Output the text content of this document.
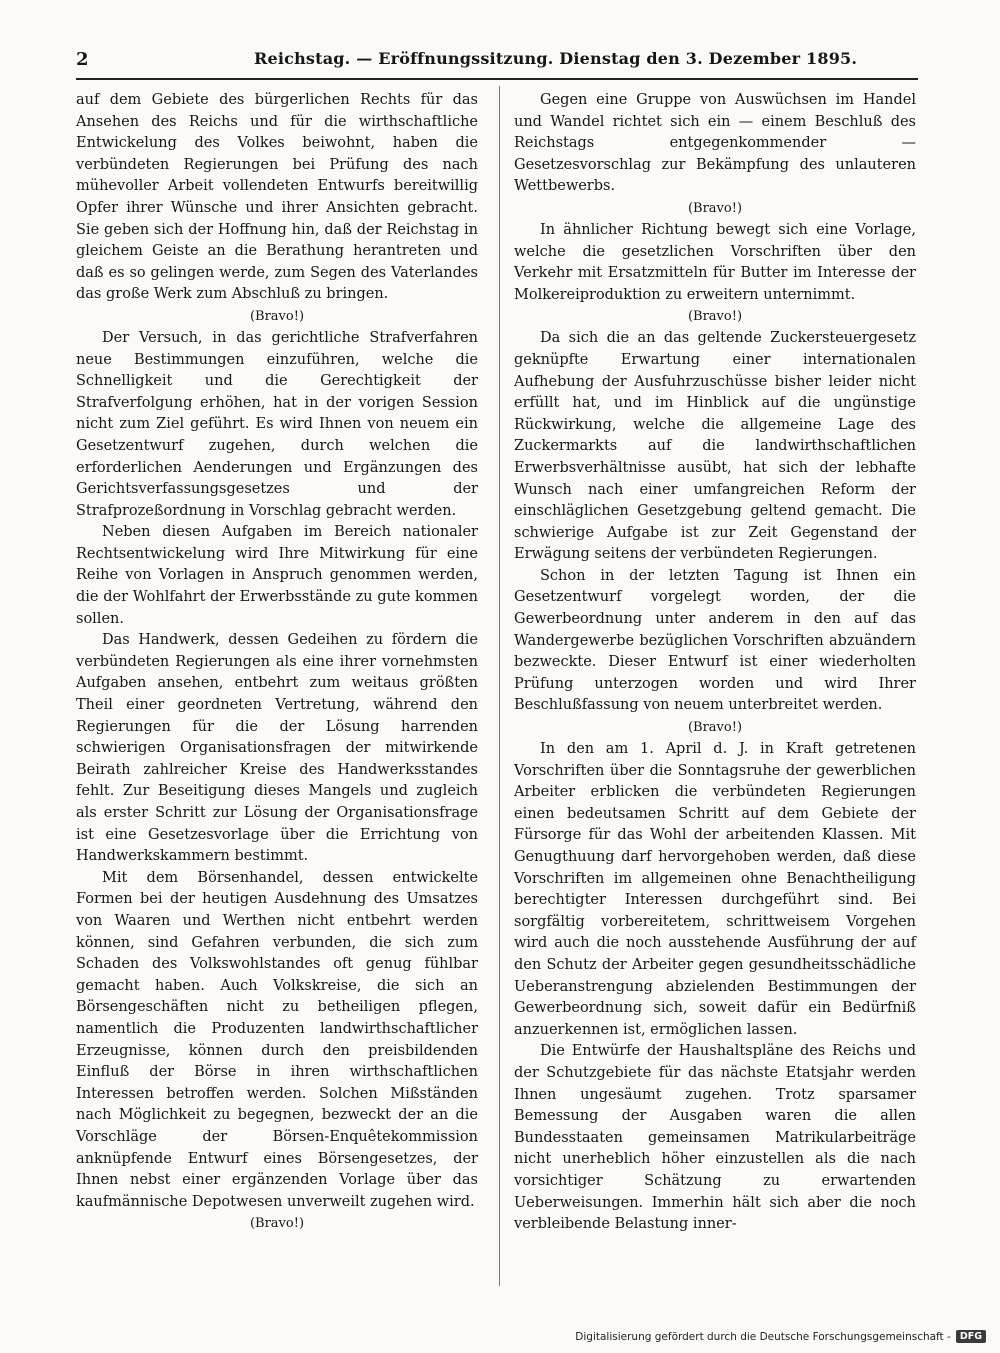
2	Reichstag. — Eröffnungssitzung. Dienstag den 3. Dezember 1895.

auf dem Gebiete des bürgerlichen Rechts für das Ansehen des Reichs und für die wirthschaftliche Entwickelung des Volkes beiwohnt, haben die verbündeten Regierungen bei Prüfung des nach mühevoller Arbeit vollendeten Entwurfs bereitwillig Opfer ihrer Wünsche und ihrer Ansichten gebracht. Sie geben sich der Hoffnung hin, daß der Reichstag in gleichem Geiste an die Berathung herantreten und daß es so gelingen werde, zum Segen des Vaterlandes das große Werk zum Abschluß zu bringen.

(Bravo!)

Der Versuch, in das gerichtliche Strafverfahren neue Bestimmungen einzuführen, welche die Schnelligkeit und die Gerechtigkeit der Strafverfolgung erhöhen, hat in der vorigen Session nicht zum Ziel geführt. Es wird Ihnen von neuem ein Gesetzentwurf zugehen, durch welchen die erforderlichen Aenderungen und Ergänzungen des Gerichtsverfassungsgesetzes und der Strafprozeßordnung in Vorschlag gebracht werden.

Neben diesen Aufgaben im Bereich nationaler Rechtsentwickelung wird Ihre Mitwirkung für eine Reihe von Vorlagen in Anspruch genommen werden, die der Wohlfahrt der Erwerbsstände zu gute kommen sollen.

Das Handwerk, dessen Gedeihen zu fördern die verbündeten Regierungen als eine ihrer vornehmsten Aufgaben ansehen, entbehrt zum weitaus größten Theil einer geordneten Vertretung, während den Regierungen für die der Lösung harrenden schwierigen Organisationsfragen der mitwirkende Beirath zahlreicher Kreise des Handwerksstandes fehlt. Zur Beseitigung dieses Mangels und zugleich als erster Schritt zur Lösung der Organisationsfrage ist eine Gesetzesvorlage über die Errichtung von Handwerkskammern bestimmt.

Mit dem Börsenhandel, dessen entwickelte Formen bei der heutigen Ausdehnung des Umsatzes von Waaren und Werthen nicht entbehrt werden können, sind Gefahren verbunden, die sich zum Schaden des Volkswohlstandes oft genug fühlbar gemacht haben. Auch Volkskreise, die sich an Börsengeschäften nicht zu betheiligen pflegen, namentlich die Produzenten landwirthschaftlicher Erzeugnisse, können durch den preisbildenden Einfluß der Börse in ihren wirthschaftlichen Interessen betroffen werden. Solchen Mißständen nach Möglichkeit zu begegnen, bezweckt der an die Vorschläge der Börsen-Enquêtekommission anknüpfende Entwurf eines Börsengesetzes, der Ihnen nebst einer ergänzenden Vorlage über das kaufmännische Depotwesen unverweilt zugehen wird.

(Bravo!)

Gegen eine Gruppe von Auswüchsen im Handel und Wandel richtet sich ein — einem Beschluß des Reichstags entgegenkommender — Gesetzesvorschlag zur Bekämpfung des unlauteren Wettbewerbs.

(Bravo!)

In ähnlicher Richtung bewegt sich eine Vorlage, welche die gesetzlichen Vorschriften über den Verkehr mit Ersatzmitteln für Butter im Interesse der Molkereiproduktion zu erweitern unternimmt.

(Bravo!)

Da sich die an das geltende Zuckersteuergesetz geknüpfte Erwartung einer internationalen Aufhebung der Ausfuhrzuschüsse bisher leider nicht erfüllt hat, und im Hinblick auf die ungünstige Rückwirkung, welche die allgemeine Lage des Zuckermarkts auf die landwirthschaftlichen Erwerbsverhältnisse ausübt, hat sich der lebhafte Wunsch nach einer umfangreichen Reform der einschläglichen Gesetzgebung geltend gemacht. Die schwierige Aufgabe ist zur Zeit Gegenstand der Erwägung seitens der verbündeten Regierungen.

Schon in der letzten Tagung ist Ihnen ein Gesetzentwurf vorgelegt worden, der die Gewerbeordnung unter anderem in den auf das Wandergewerbe bezüglichen Vorschriften abzuändern bezweckte. Dieser Entwurf ist einer wiederholten Prüfung unterzogen worden und wird Ihrer Beschlußfassung von neuem unterbreitet werden.

(Bravo!)

In den am 1. April d. J. in Kraft getretenen Vorschriften über die Sonntagsruhe der gewerblichen Arbeiter erblicken die verbündeten Regierungen einen bedeutsamen Schritt auf dem Gebiete der Fürsorge für das Wohl der arbeitenden Klassen. Mit Genugthuung darf hervorgehoben werden, daß diese Vorschriften im allgemeinen ohne Benachtheiligung berechtigter Interessen durchgeführt sind. Bei sorgfältig vorbereitetem, schrittweisem Vorgehen wird auch die noch ausstehende Ausführung der auf den Schutz der Arbeiter gegen gesundheitsschädliche Ueberanstrengung abzielenden Bestimmungen der Gewerbeordnung sich, soweit dafür ein Bedürfniß anzuerkennen ist, ermöglichen lassen.

Die Entwürfe der Haushaltspläne des Reichs und der Schutzgebiete für das nächste Etatsjahr werden Ihnen ungesäumt zugehen. Trotz sparsamer Bemessung der Ausgaben waren die allen Bundesstaaten gemeinsamen Matrikularbeiträge nicht unerheblich höher einzustellen als die nach vorsichtiger Schätzung zu erwartenden Ueberweisungen. Immerhin hält sich aber die noch verbleibende Belastung inner-

Digitalisierung gefördert durch die Deutsche Forschungsgemeinschaft - DFG
